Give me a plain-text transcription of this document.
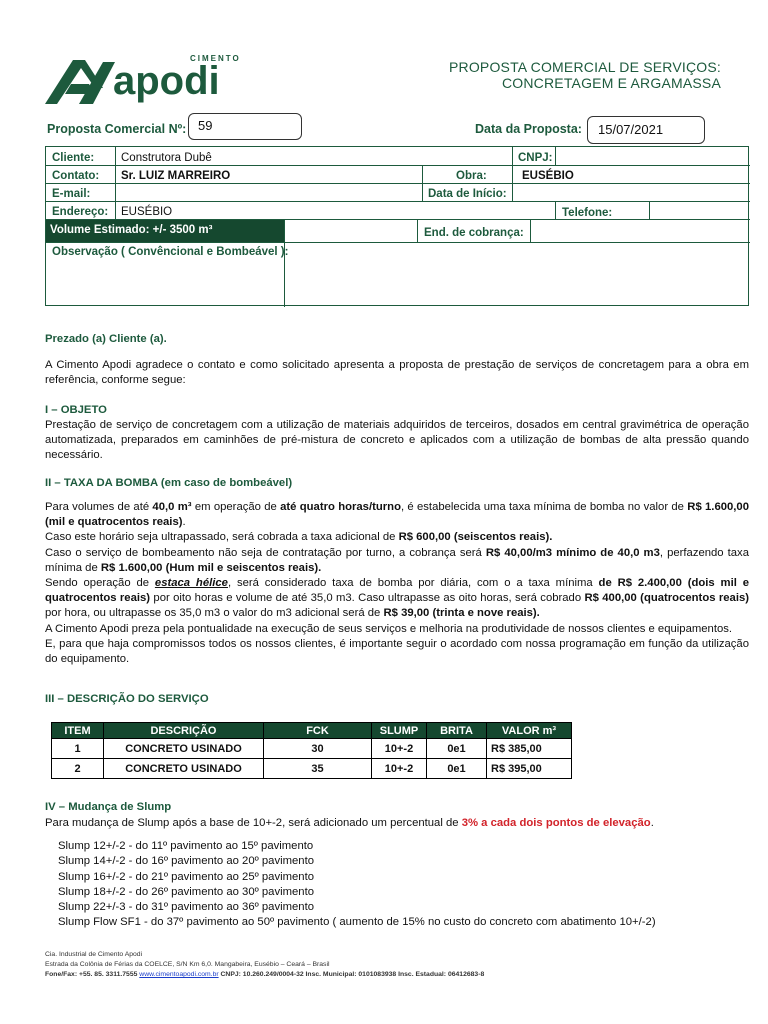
CIMENTO
apodi	PROPOSTA COMERCIAL DE SERVIÇOS:
CONCRETAGEM E ARGAMASSA
Proposta Comercial Nº: 59	Data da Proposta:	15/07/2021
Cliente:	Construtora Dubê	CNPJ:
Contato:	Sr. LUIZ MARREIRO	Obra:	EUSÉBIO
E-mail:	Data de Início:
Endereço:	EUSÉBIO	Telefone:
Volume Estimado: +/- 3500 m³	End. de cobrança:
Observação ( Convêncional e Bombeável ):
Prezado (a) Cliente (a).
A Cimento Apodi agradece o contato e como solicitado apresenta a proposta de prestação de serviços de concretagem para a obra em referência, conforme segue:
I – OBJETO
Prestação de serviço de concretagem com a utilização de materiais adquiridos de terceiros, dosados em central gravimétrica de operação automatizada, preparados em caminhões de pré-mistura de concreto e aplicados com a utilização de bombas de alta pressão quando necessário.
II – TAXA DA BOMBA (em caso de bombeável)
Para volumes de até 40,0 m³ em operação de até quatro horas/turno, é estabelecida uma taxa mínima de bomba no valor de R$ 1.600,00 (mil e quatrocentos reais).
Caso este horário seja ultrapassado, será cobrada a taxa adicional de R$ 600,00 (seiscentos reais).
Caso o serviço de bombeamento não seja de contratação por turno, a cobrança será R$ 40,00/m3 mínimo de 40,0 m3, perfazendo taxa mínima de R$ 1.600,00 (Hum mil e seiscentos reais).
Sendo operação de estaca hélice, será considerado taxa de bomba por diária, com o a taxa mínima de R$ 2.400,00 (dois mil e quatrocentos reais) por oito horas e volume de até 35,0 m3. Caso ultrapasse as oito horas, será cobrado R$ 400,00 (quatrocentos reais) por hora, ou ultrapasse os 35,0 m3 o valor do m3 adicional será de R$ 39,00 (trinta e nove reais).
A Cimento Apodi preza pela pontualidade na execução de seus serviços e melhoria na produtividade de nossos clientes e equipamentos.
E, para que haja compromissos todos os nossos clientes, é importante seguir o acordado com nossa programação em função da utilização do equipamento.
III – DESCRIÇÃO DO SERVIÇO
ITEM	DESCRIÇÃO	FCK	SLUMP	BRITA	VALOR m³
1	CONCRETO USINADO	30	10+-2	0e1	R$ 385,00
2	CONCRETO USINADO	35	10+-2	0e1	R$ 395,00
IV – Mudança de Slump
Para mudança de Slump após a base de 10+-2, será adicionado um percentual de 3% a cada dois pontos de elevação.
Slump 12+/-2 - do 11º pavimento ao 15º pavimento
Slump 14+/-2 - do 16º pavimento ao 20º pavimento
Slump 16+/-2 - do 21º pavimento ao 25º pavimento
Slump 18+/-2 - do 26º pavimento ao 30º pavimento
Slump 22+/-3 - do 31º pavimento ao 36º pavimento
Slump Flow SF1 - do 37º pavimento ao 50º pavimento ( aumento de 15% no custo do concreto com abatimento 10+/-2)
Cia. Industrial de Cimento Apodi
Estrada da Colônia de Férias da COELCE, S/N Km 6,0. Mangabeira, Eusébio – Ceará – Brasil
Fone/Fax: +55. 85. 3311.7555 www.cimentoapodi.com.br CNPJ: 10.260.249/0004-32 Insc. Municipal: 0101083938 Insc. Estadual: 06412683-8
